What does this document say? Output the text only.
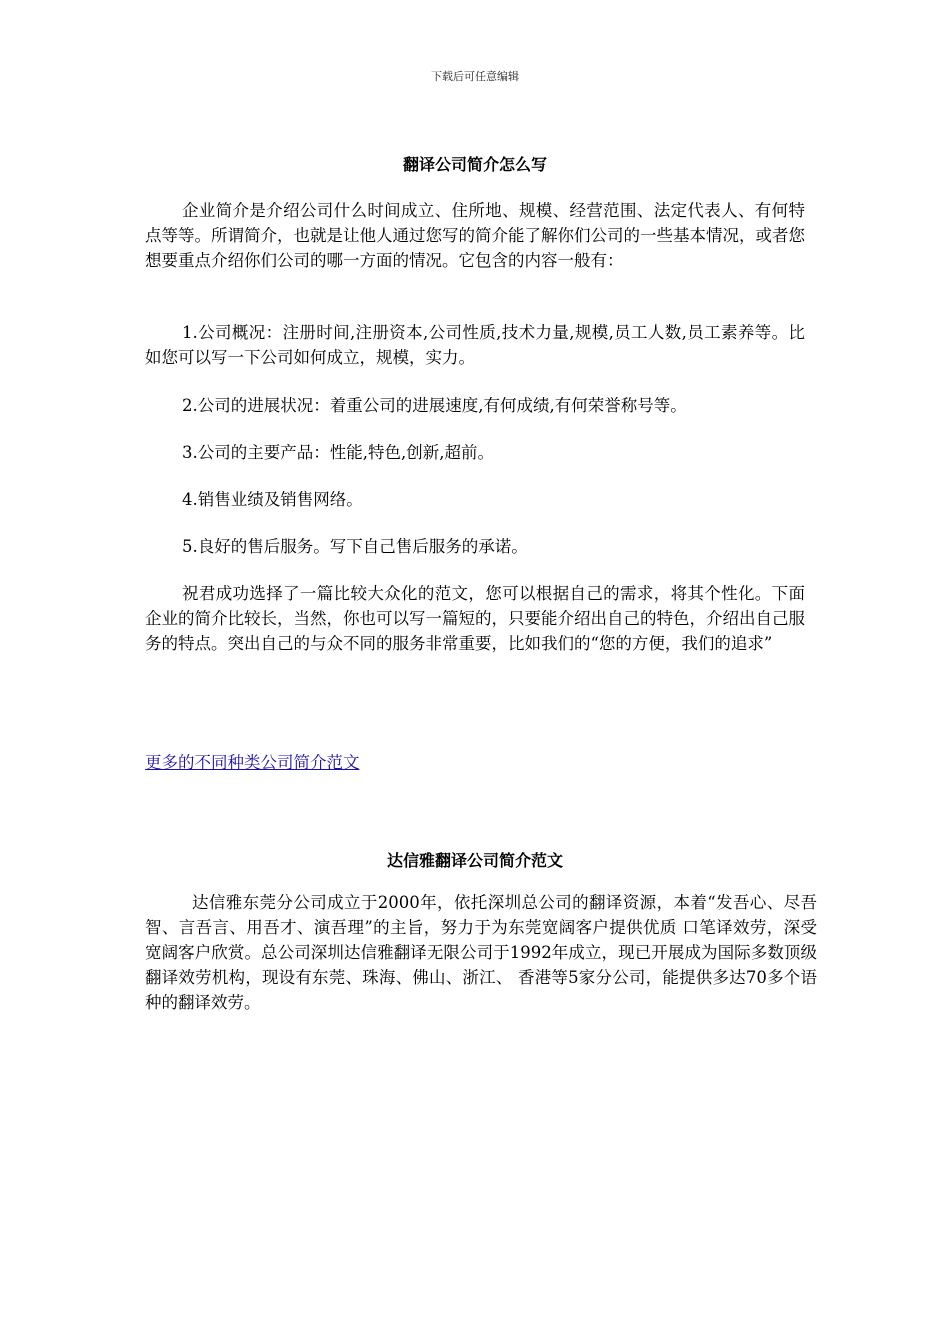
下载后可任意编辑
翻译公司简介怎么写

企业简介是介绍公司什么时间成立、住所地、规模、经营范围、法定代表人、有何特点等等。所谓简介，也就是让他人通过您写的简介能了解你们公司的一些基本情况，或者您想要重点介绍你们公司的哪一方面的情况。它包含的内容一般有：

1.公司概况：注册时间,注册资本,公司性质,技术力量,规模,员工人数,员工素养等。比如您可以写一下公司如何成立，规模，实力。

2.公司的进展状况：着重公司的进展速度,有何成绩,有何荣誉称号等。

3.公司的主要产品：性能,特色,创新,超前。

4.销售业绩及销售网络。

5.良好的售后服务。写下自己售后服务的承诺。

祝君成功选择了一篇比较大众化的范文，您可以根据自己的需求，将其个性化。下面企业的简介比较长，当然，你也可以写一篇短的，只要能介绍出自己的特色，介绍出自己服务的特点。突出自己的与众不同的服务非常重要，比如我们的“您的方便，我们的追求”

更多的不同种类公司简介范文
达信雅翻译公司简介范文

达信雅东莞分公司成立于2000年，依托深圳总公司的翻译资源，本着“发吾心、尽吾智、言吾言、用吾才、演吾理”的主旨，努力于为东莞宽阔客户提供优质 口笔译效劳，深受宽阔客户欣赏。总公司深圳达信雅翻译无限公司于1992年成立，现已开展成为国际多数顶级翻译效劳机构，现设有东莞、珠海、佛山、浙江、 香港等5家分公司，能提供多达70多个语种的翻译效劳。
